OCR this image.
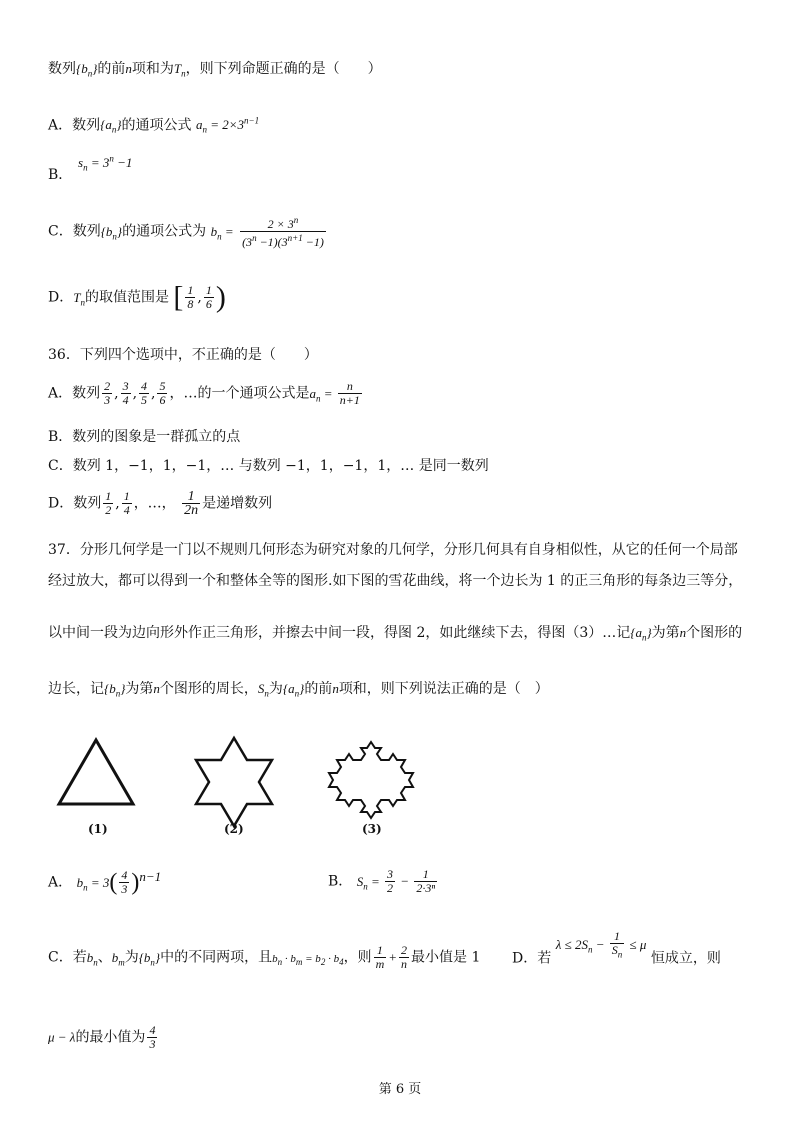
数列$\{b_n\}$的前n项和为$T_n$，则下列命题正确的是（　　）
A．数列$\{a_n\}$的通项公式 $a_n = 2\times 3^{n-1}$
$s_n = 3^n -1$
B．
C．数列$\{b_n\}$的通项公式为 $b_n = \frac{2 \times 3^n}{(3^n -1)(3^{n+1} -1)}$
D．$T_n$的取值范围是 [ $\frac{1}{8}$ , $\frac{1}{6}$ )
36．下列四个选项中，不正确的是（　　）
A．数列 $\frac{2}{3}$ , $\frac{3}{4}$ , $\frac{4}{5}$ , $\frac{5}{6}$ ，…的一个通项公式是$a_n = \frac{n}{n+1}$
B．数列的图象是一群孤立的点
C．数列 1，−1，1，−1，… 与数列 −1，1，−1，1，… 是同一数列
D．数列 $\frac{1}{2}$ , $\frac{1}{4}$ ，…， $\frac{1}{2n}$ 是递增数列
37．分形几何学是一门以不规则几何形态为研究对象的几何学，分形几何具有自身相似性，从它的任何一个局部
经过放大，都可以得到一个和整体全等的图形.如下图的雪花曲线，将一个边长为 1 的正三角形的每条边三等分，
以中间一段为边向形外作正三角形，并擦去中间一段，得图 2，如此继续下去，得图（3）…记$\{a_n\}$为第n个图形的
边长，记$\{b_n\}$为第n个图形的周长，$S_n$为$\{a_n\}$的前n项和，则下列说法正确的是（　）
(1)	(2)	(3)
A． $b_n = 3( \frac{4}{3} )^{n-1}$	B． $S_n = \frac{3}{2} - \frac{1}{\text{2·3ⁿ}}$
C．若$b_n$、$b_m$为$\{b_n\}$中的不同两项，且$b_n \cdot b_m = b_2 \cdot b_4$，则 $\frac{1}{m} + \frac{2}{n}$ 最小值是 1 D．若 $\lambda \le 2S_n - \frac{1}{S_n} \le \mu$ 恒成立，则
μ − λ的最小值为 $\frac{4}{3}$
第 6 页
